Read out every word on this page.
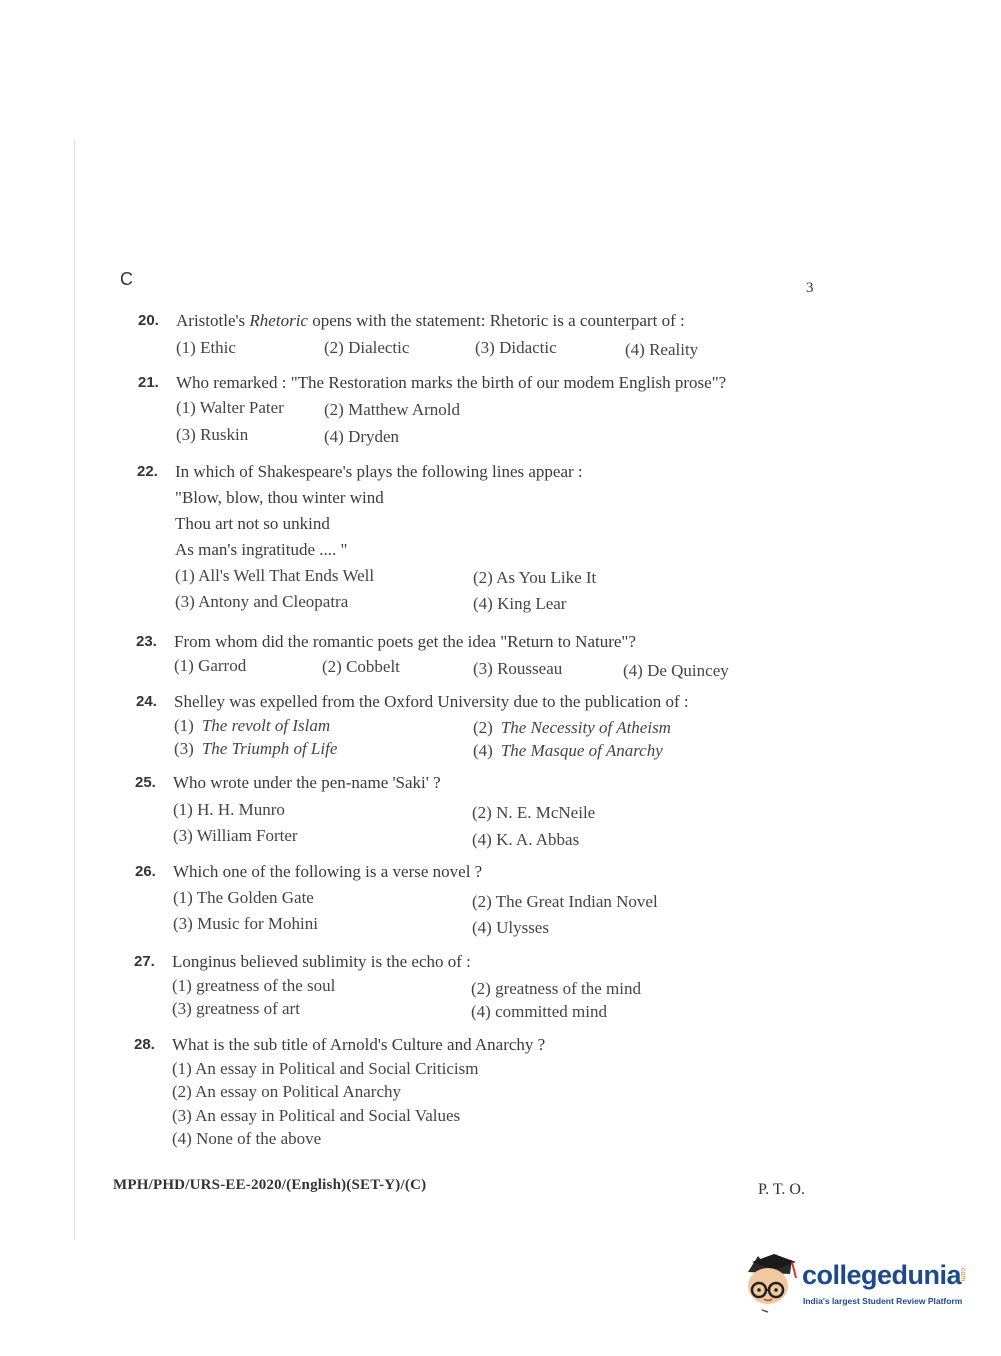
C	3
20.	Aristotle's Rhetoric opens with the statement: Rhetoric is a counterpart of :
(1) Ethic	(2) Dialectic	(3) Didactic	(4) Reality
21.	Who remarked : "The Restoration marks the birth of our modem English prose"?
(1) Walter Pater (2) Matthew Arnold
(3) Ruskin	(4) Dryden
22.	In which of Shakespeare's plays the following lines appear :
"Blow, blow, thou winter wind
Thou art not so unkind
As man's ingratitude .... "
(1) All's Well That Ends Well	(2) As You Like It
(3) Antony and Cleopatra	(4) King Lear
23.	From whom did the romantic poets get the idea "Return to Nature"?
(1) Garrod	(2) Cobbelt	(3) Rousseau	(4) De Quincey
24.	Shelley was expelled from the Oxford University due to the publication of :
(1) The revolt of Islam	(2) The Necessity of Atheism
(3) The Triumph of Life	(4) The Masque of Anarchy
25.	Who wrote under the pen-name 'Saki' ?
(1) H. H. Munro	(2) N. E. McNeile
(3) William Forter	(4) K. A. Abbas
26.	Which one of the following is a verse novel ?
(1) The Golden Gate	(2) The Great Indian Novel
(3) Music for Mohini	(4) Ulysses
27.	Longinus believed sublimity is the echo of :
(1) greatness of the soul	(2) greatness of the mind
(3) greatness of art	(4) committed mind
28.	What is the sub title of Arnold's Culture and Anarchy ?
(1) An essay in Political and Social Criticism
(2) An essay on Political Anarchy
(3) An essay in Political and Social Values
(4) None of the above
MPH/PHD/URS-EE-2020/(English)(SET-Y)/(C)	P. T. O.
collegedunia
.com
India's largest Student Review Platform
